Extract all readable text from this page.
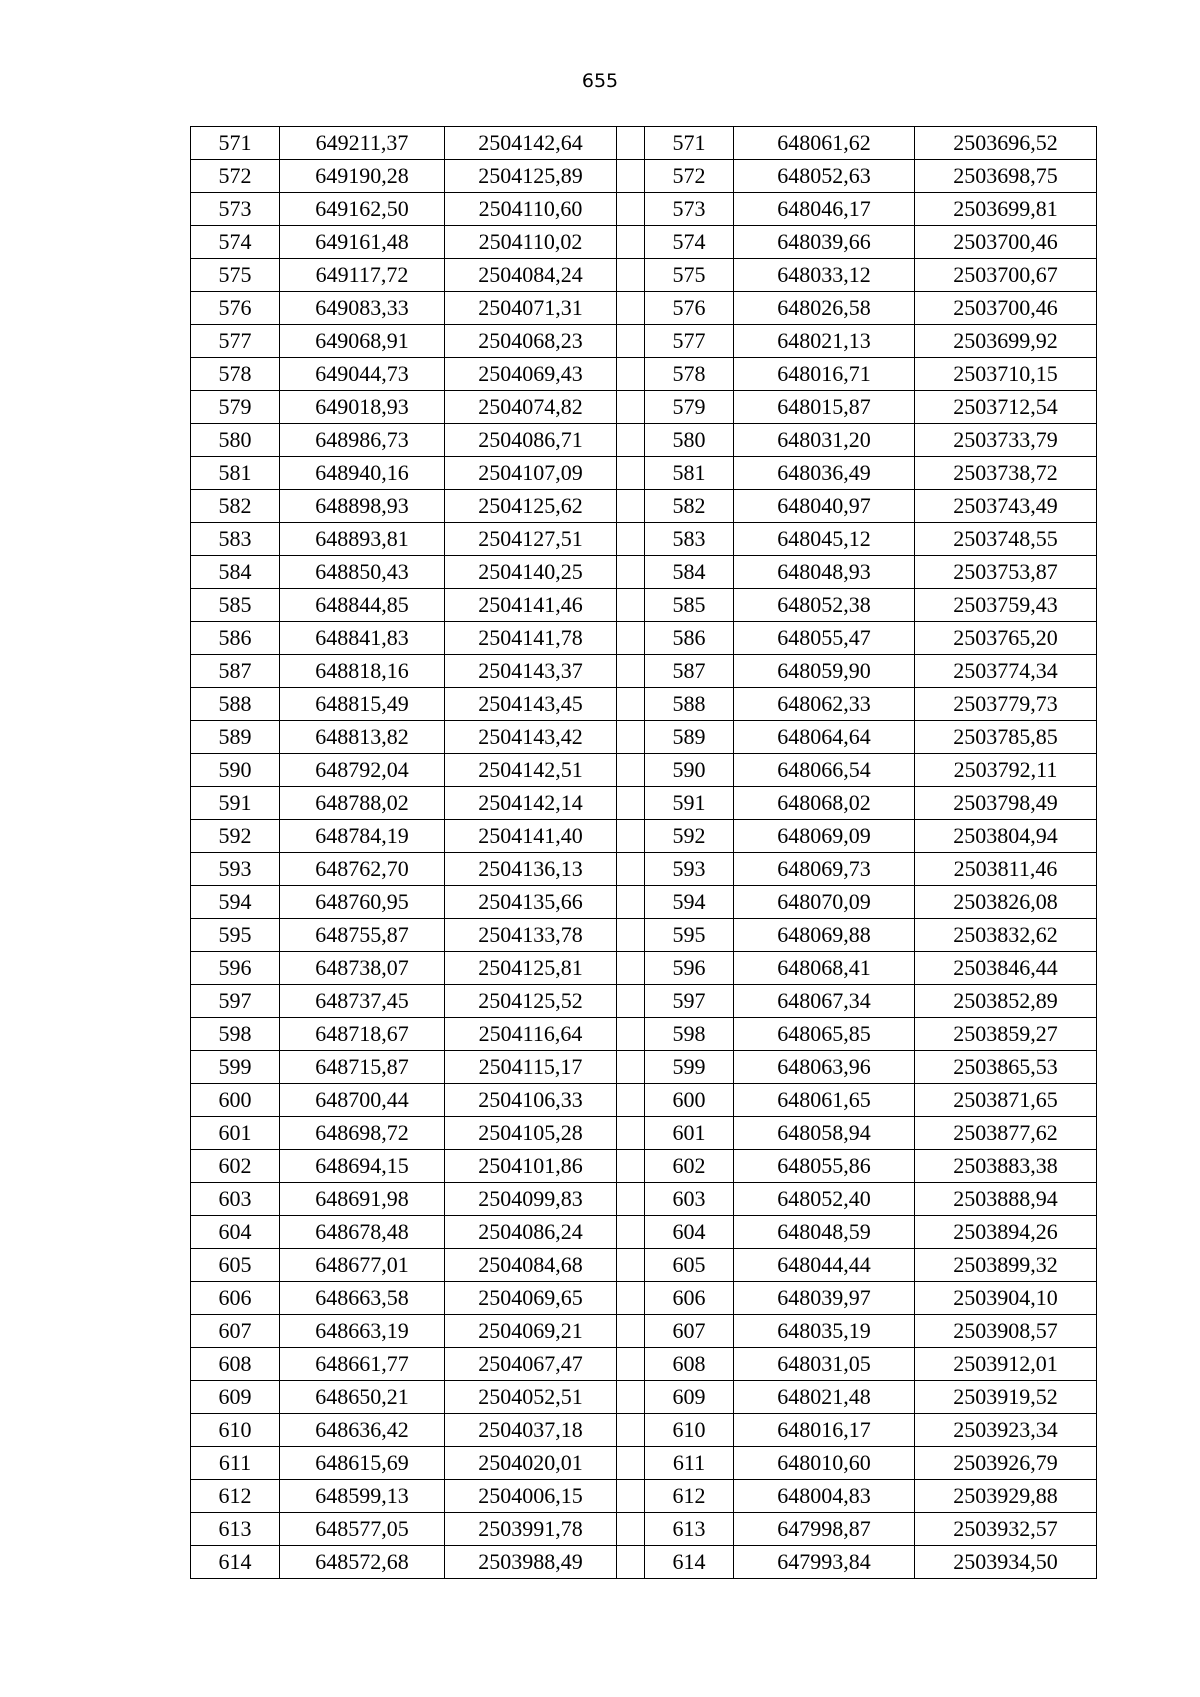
655
571	649211,37	2504142,64		571	648061,62	2503696,52
572	649190,28	2504125,89		572	648052,63	2503698,75
573	649162,50	2504110,60		573	648046,17	2503699,81
574	649161,48	2504110,02		574	648039,66	2503700,46
575	649117,72	2504084,24		575	648033,12	2503700,67
576	649083,33	2504071,31		576	648026,58	2503700,46
577	649068,91	2504068,23		577	648021,13	2503699,92
578	649044,73	2504069,43		578	648016,71	2503710,15
579	649018,93	2504074,82		579	648015,87	2503712,54
580	648986,73	2504086,71		580	648031,20	2503733,79
581	648940,16	2504107,09		581	648036,49	2503738,72
582	648898,93	2504125,62		582	648040,97	2503743,49
583	648893,81	2504127,51		583	648045,12	2503748,55
584	648850,43	2504140,25		584	648048,93	2503753,87
585	648844,85	2504141,46		585	648052,38	2503759,43
586	648841,83	2504141,78		586	648055,47	2503765,20
587	648818,16	2504143,37		587	648059,90	2503774,34
588	648815,49	2504143,45		588	648062,33	2503779,73
589	648813,82	2504143,42		589	648064,64	2503785,85
590	648792,04	2504142,51		590	648066,54	2503792,11
591	648788,02	2504142,14		591	648068,02	2503798,49
592	648784,19	2504141,40		592	648069,09	2503804,94
593	648762,70	2504136,13		593	648069,73	2503811,46
594	648760,95	2504135,66		594	648070,09	2503826,08
595	648755,87	2504133,78		595	648069,88	2503832,62
596	648738,07	2504125,81		596	648068,41	2503846,44
597	648737,45	2504125,52		597	648067,34	2503852,89
598	648718,67	2504116,64		598	648065,85	2503859,27
599	648715,87	2504115,17		599	648063,96	2503865,53
600	648700,44	2504106,33		600	648061,65	2503871,65
601	648698,72	2504105,28		601	648058,94	2503877,62
602	648694,15	2504101,86		602	648055,86	2503883,38
603	648691,98	2504099,83		603	648052,40	2503888,94
604	648678,48	2504086,24		604	648048,59	2503894,26
605	648677,01	2504084,68		605	648044,44	2503899,32
606	648663,58	2504069,65		606	648039,97	2503904,10
607	648663,19	2504069,21		607	648035,19	2503908,57
608	648661,77	2504067,47		608	648031,05	2503912,01
609	648650,21	2504052,51		609	648021,48	2503919,52
610	648636,42	2504037,18		610	648016,17	2503923,34
611	648615,69	2504020,01		611	648010,60	2503926,79
612	648599,13	2504006,15		612	648004,83	2503929,88
613	648577,05	2503991,78		613	647998,87	2503932,57
614	648572,68	2503988,49		614	647993,84	2503934,50
